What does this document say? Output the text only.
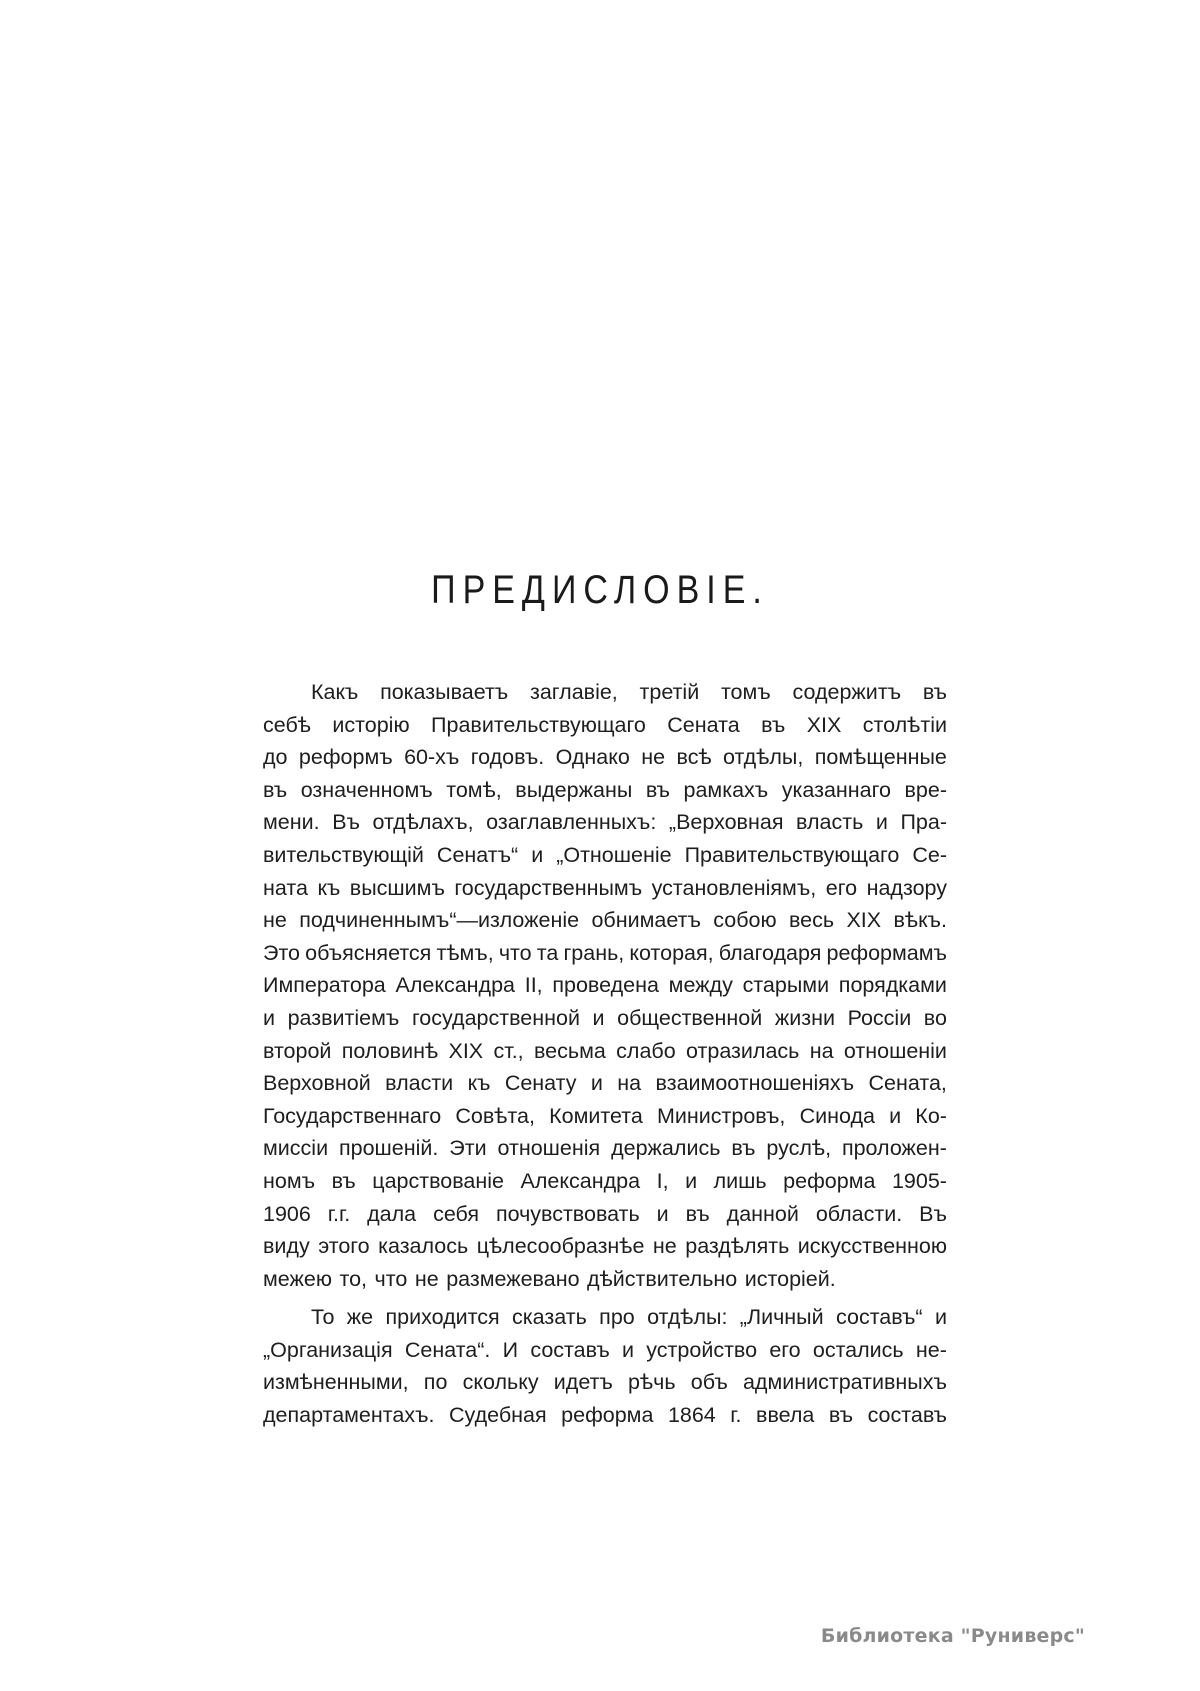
ПРЕДИСЛОВІЕ.
Какъ показываетъ заглавіе, третій томъ содержитъ въ
себѣ исторію Правительствующаго Сената въ XIX столѣтіи
до реформъ 60-хъ годовъ. Однако не всѣ отдѣлы, помѣщенные
въ означенномъ томѣ, выдержаны въ рамкахъ указаннаго вре-
мени. Въ отдѣлахъ, озаглавленныхъ: „Верховная власть и Пра-
вительствующій Сенатъ“ и „Отношеніе Правительствующаго Се-
ната къ высшимъ государственнымъ установленіямъ, его надзору
не подчиненнымъ“—изложеніе обнимаетъ собою весь XIX вѣкъ.
Это объясняется тѣмъ, что та грань, которая, благодаря реформамъ
Императора Александра II, проведена между старыми порядками
и развитіемъ государственной и общественной жизни Россіи во
второй половинѣ XIX ст., весьма слабо отразилась на отношеніи
Верховной власти къ Сенату и на взаимоотношеніяхъ Сената,
Государственнаго Совѣта, Комитета Министровъ, Синода и Ко-
миссіи прошеній. Эти отношенія держались въ руслѣ, проложен-
номъ въ царствованіе Александра I, и лишь реформа 1905-
1906 г.г. дала себя почувствовать и въ данной области. Въ
виду этого казалось цѣлесообразнѣе не раздѣлять искусственною
межею то, что не размежевано дѣйствительно исторіей.
То же приходится сказать про отдѣлы: „Личный составъ“ и
„Организація Сената“. И составъ и устройство его остались не-
измѣненными, по скольку идетъ рѣчь объ административныхъ
департаментахъ. Судебная реформа 1864 г. ввела въ составъ
Библиотека "Руниверс"
